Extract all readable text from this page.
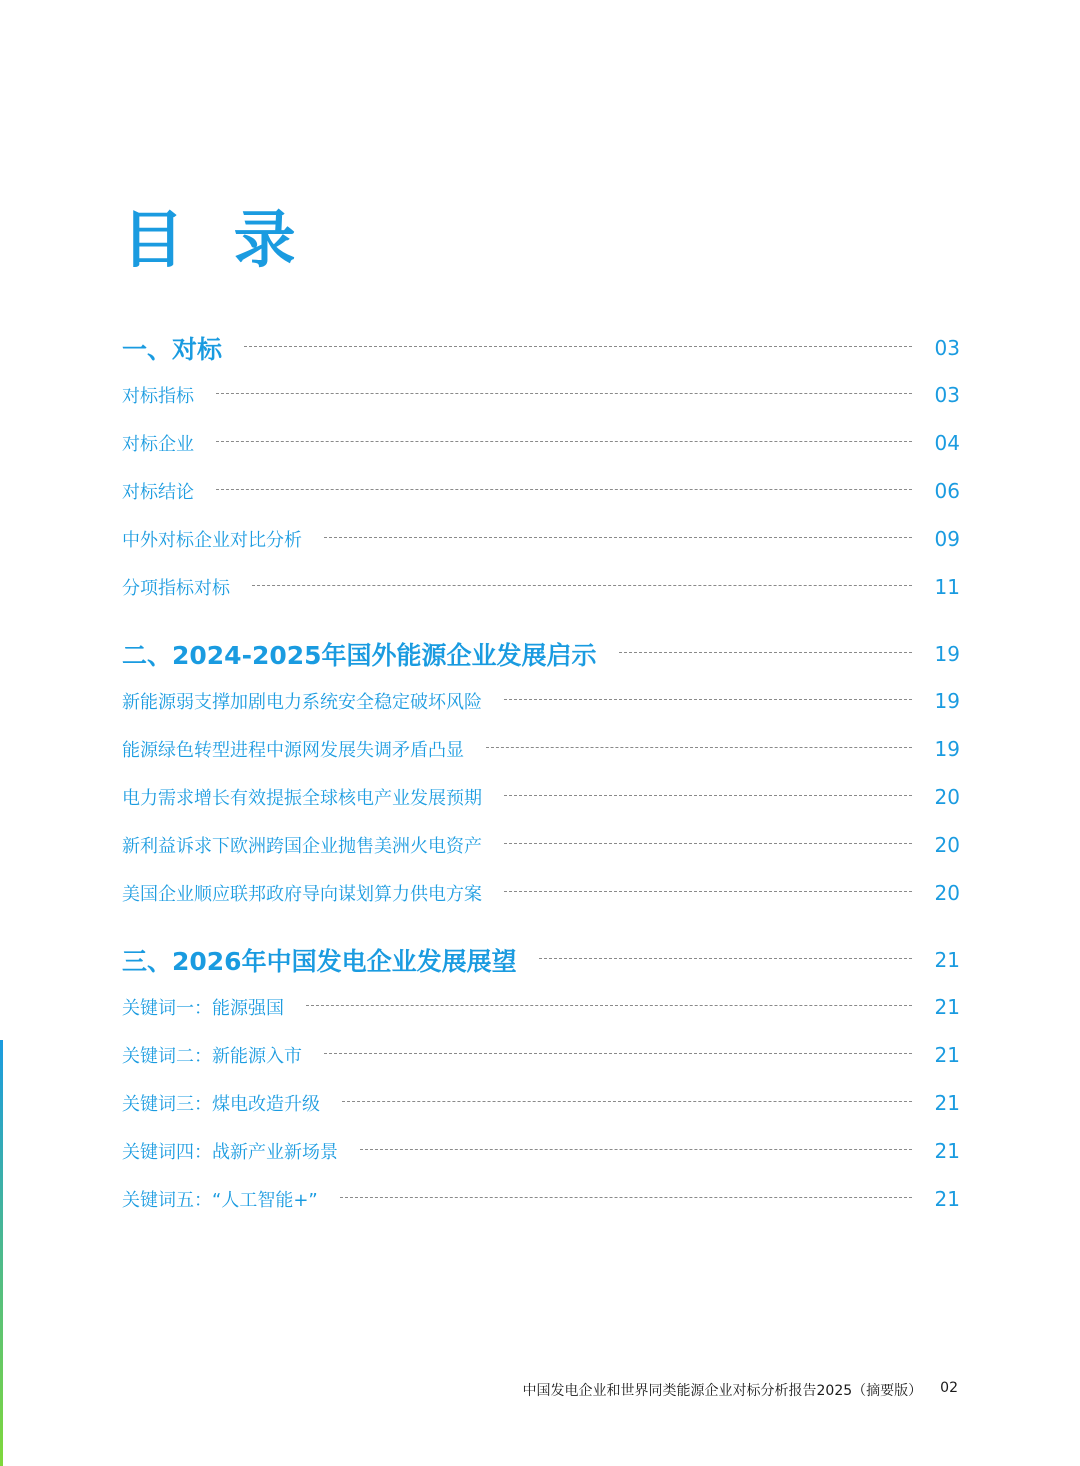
目 录
一、对标	03
对标指标	03
对标企业	04
对标结论	06
中外对标企业对比分析	09
分项指标对标	11
二、2024-2025年国外能源企业发展启示	19
新能源弱支撑加剧电力系统安全稳定破坏风险	19
能源绿色转型进程中源网发展失调矛盾凸显	19
电力需求增长有效提振全球核电产业发展预期	20
新利益诉求下欧洲跨国企业抛售美洲火电资产	20
美国企业顺应联邦政府导向谋划算力供电方案	20
三、2026年中国发电企业发展展望	21
关键词一：能源强国	21
关键词二：新能源入市	21
关键词三：煤电改造升级	21
关键词四：战新产业新场景	21
关键词五：“人工智能+”	21
中国发电企业和世界同类能源企业对标分析报告2025（摘要版） 02
